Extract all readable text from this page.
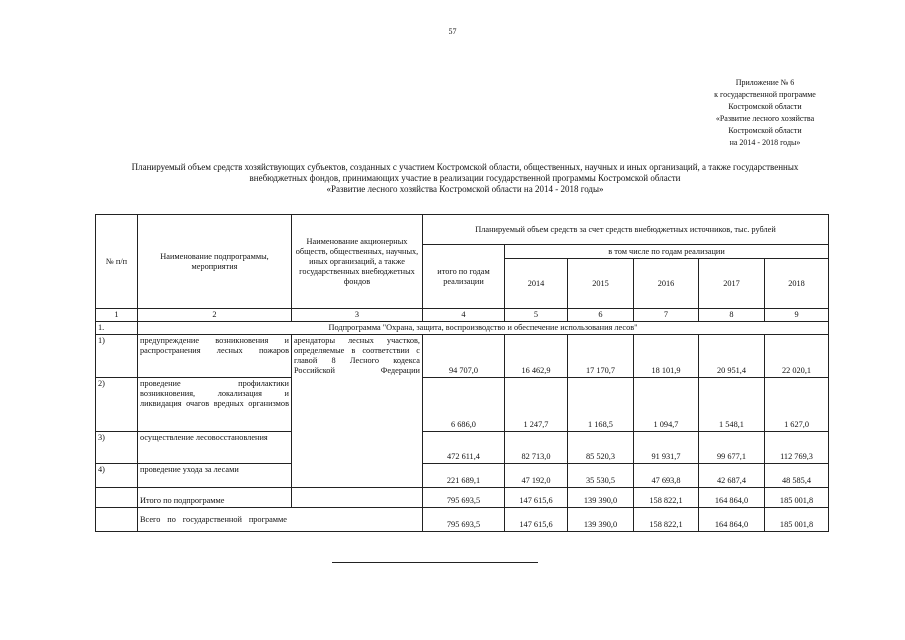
57
Приложение № 6
к государственной программе
Костромской области
«Развитие лесного хозяйства
Костромской области
на 2014 - 2018 годы»
Планируемый объем средств хозяйствующих субъектов, созданных с участием Костромской области, общественных, научных и иных организаций, а также государственных
внебюджетных фондов, принимающих участие в реализации государственной программы Костромской области
«Развитие лесного хозяйства Костромской области на 2014 - 2018 годы»
№ п/п	Наименование подпрограммы, мероприятия	Наименование акционерных обществ, общественных, научных, иных организаций, а также государственных внебюджетных фондов	Планируемый объем средств за счет средств внебюджетных источников, тыс. рублей					
			итого по годам реализации	в том числе по годам реализации				
				2014	2015	2016	2017	2018
1	2	3	4	5	6	7	8	9
1.	Подпрограмма "Охрана, защита, воспроизводство и обеспечение использования лесов"							
1)	предупреждение возникновения и распространения лесных пожаров	арендаторы лесных участков, определяемые в соответствии с главой 8 Лесного кодекса Российской Федерации	94 707,0	16 462,9	17 170,7	18 101,9	20 951,4	22 020,1
2)	проведение профилактики возникновения, локализация и ликвидация очагов вредных организмов		6 686,0	1 247,7	1 168,5	1 094,7	1 548,1	1 627,0
3)	осуществление лесовосстановления		472 611,4	82 713,0	85 520,3	91 931,7	99 677,1	112 769,3
4)	проведение ухода за лесами		221 689,1	47 192,0	35 530,5	47 693,8	42 687,4	48 585,4
	Итого по подпрограмме		795 693,5	147 615,6	139 390,0	158 822,1	164 864,0	185 001,8
	Всего по государственной программе		795 693,5	147 615,6	139 390,0	158 822,1	164 864,0	185 001,8
